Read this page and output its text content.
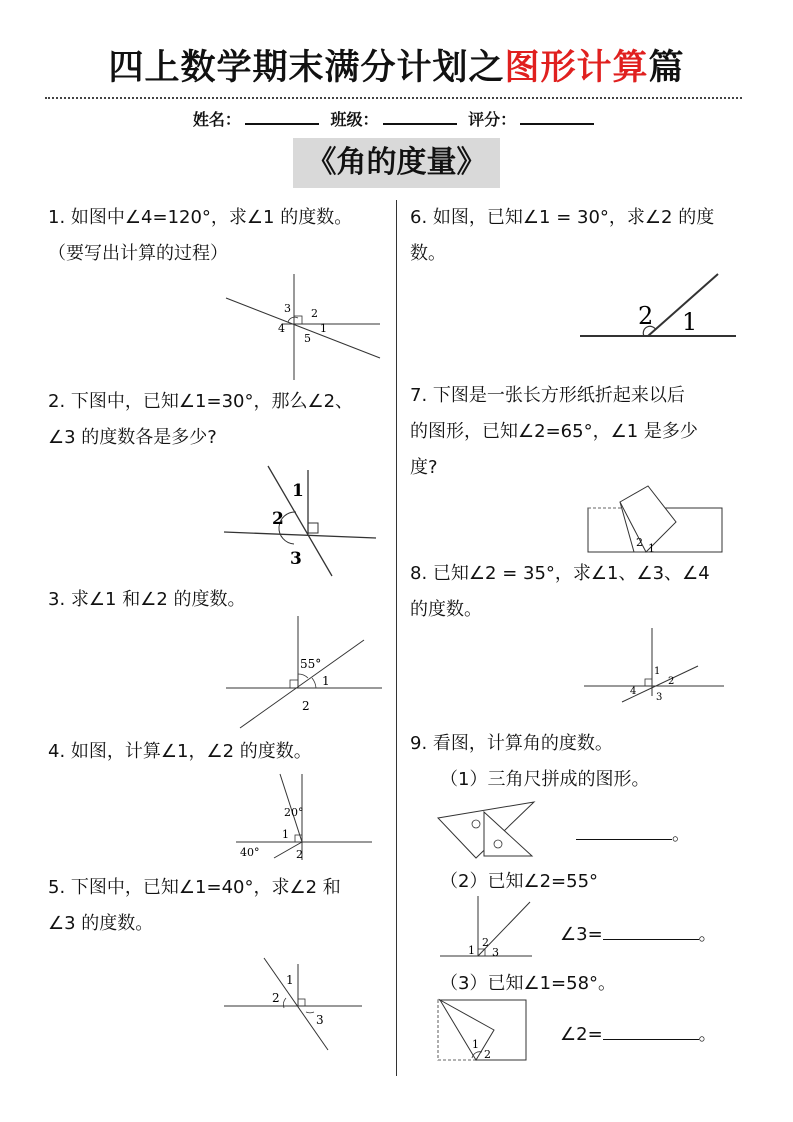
四上数学期末满分计划之图形计算篇
姓名：	班级：	评分：
《角的度量》
1. 如图中∠4=120°，求∠1 的度数。
（要写出计算的过程）
3 2
4	1
5
2. 下图中，已知∠1=30°，那么∠2、
∠3 的度数各是多少?
1
2
3
3. 求∠1 和∠2 的度数。
55°
1
2
4. 如图，计算∠1，∠2 的度数。
20°
1
40°	2
5. 下图中，已知∠1=40°，求∠2 和
∠3 的度数。
1
2
3
6. 如图，已知∠1 = 30°，求∠2 的度
数。
2 1
7. 下图是一张长方形纸折起来以后
的图形，已知∠2=65°，∠1 是多少
度?
2 1
8. 已知∠2 = 35°，求∠1、∠3、∠4
的度数。
1
2
4
3
9. 看图，计算角的度数。
（1）三角尺拼成的图形。
。
（2）已知∠2=55°
1
2
3
∠3=	。
（3）已知∠1=58°。
1
2
∠2=	。
